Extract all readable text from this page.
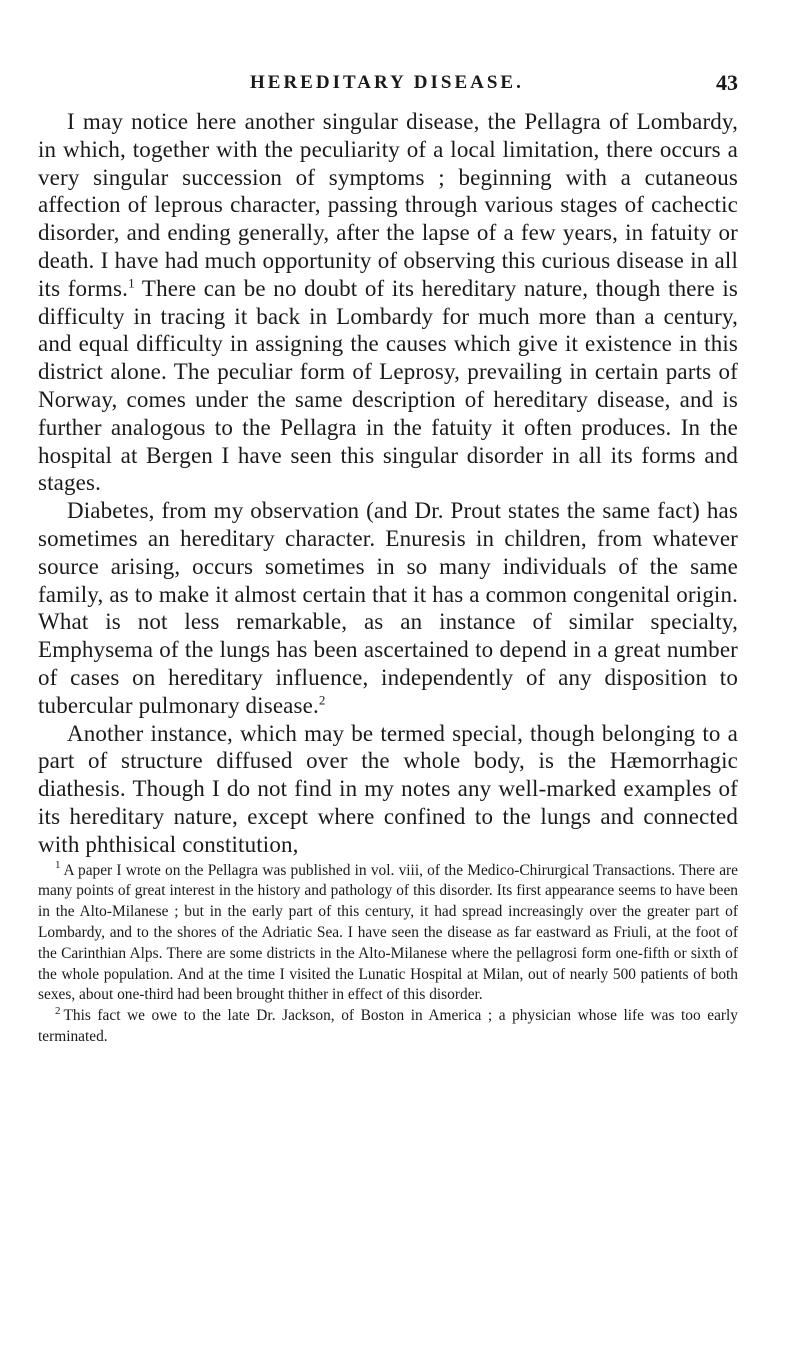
HEREDITARY DISEASE.	43

I may notice here another singular disease, the Pellagra of Lombardy, in which, together with the peculiarity of a local limitation, there occurs a very singular succession of symptoms ; beginning with a cutaneous affection of leprous character, passing through various stages of cachectic disorder, and ending generally, after the lapse of a few years, in fatuity or death. I have had much opportunity of observing this curious disease in all its forms.$^1$ There can be no doubt of its hereditary nature, though there is difficulty in tracing it back in Lombardy for much more than a century, and equal difficulty in assigning the causes which give it existence in this district alone. The peculiar form of Leprosy, prevailing in certain parts of Norway, comes under the same description of hereditary disease, and is further analogous to the Pellagra in the fatuity it often produces. In the hospital at Bergen I have seen this singular disorder in all its forms and stages.

Diabetes, from my observation (and Dr. Prout states the same fact) has sometimes an hereditary character. Enuresis in children, from whatever source arising, occurs sometimes in so many individuals of the same family, as to make it almost certain that it has a common congenital origin. What is not less remarkable, as an instance of similar specialty, Emphysema of the lungs has been ascertained to depend in a great number of cases on hereditary influence, independently of any disposition to tubercular pulmonary disease.$^2$

Another instance, which may be termed special, though belonging to a part of structure diffused over the whole body, is the Hæmorrhagic diathesis. Though I do not find in my notes any well-marked examples of its hereditary nature, except where confined to the lungs and connected with phthisical constitution,

$^1$ A paper I wrote on the Pellagra was published in vol. viii, of the Medico-Chirurgical Transactions. There are many points of great interest in the history and pathology of this disorder. Its first appearance seems to have been in the Alto-Milanese ; but in the early part of this century, it had spread increasingly over the greater part of Lombardy, and to the shores of the Adriatic Sea. I have seen the disease as far eastward as Friuli, at the foot of the Carinthian Alps. There are some districts in the Alto-Milanese where the pellagrosi form one-fifth or sixth of the whole population. And at the time I visited the Lunatic Hospital at Milan, out of nearly 500 patients of both sexes, about one-third had been brought thither in effect of this disorder.

$^2$ This fact we owe to the late Dr. Jackson, of Boston in America ; a physician whose life was too early terminated.
